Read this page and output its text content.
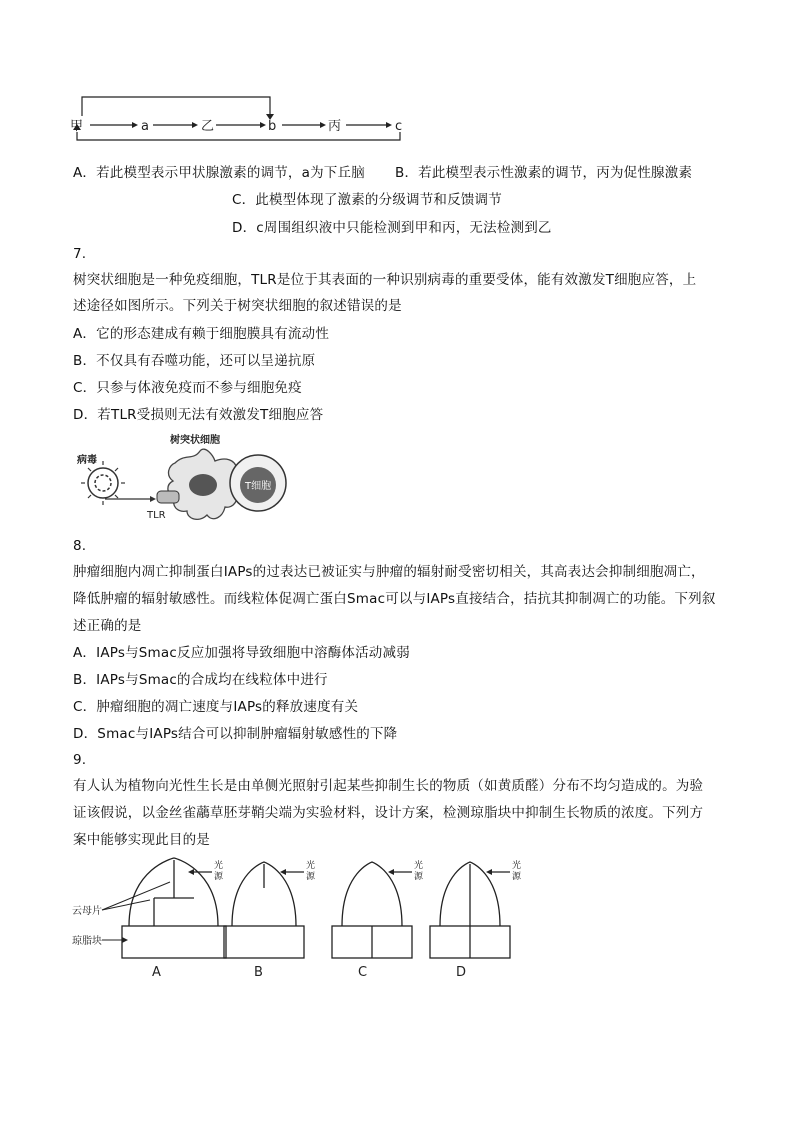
甲	a	乙	b	丙	c
A．若此模型表示甲状腺激素的调节，a为下丘脑 B．若此模型表示性激素的调节，丙为促性腺激素
C．此模型体现了激素的分级调节和反馈调节
D．c周围组织液中只能检测到甲和丙，无法检测到乙
7.
树突状细胞是一种免疫细胞，TLR是位于其表面的一种识别病毒的重要受体，能有效激发T细胞应答，上
述途径如图所示。下列关于树突状细胞的叙述错误的是
A．它的形态建成有赖于细胞膜具有流动性
B．不仅具有吞噬功能，还可以呈递抗原
C．只参与体液免疫而不参与细胞免疫
D．若TLR受损则无法有效激发T细胞应答
病毒
TLR
T细胞
树突状细胞
8.
肿瘤细胞内凋亡抑制蛋白IAPs的过表达已被证实与肿瘤的辐射耐受密切相关，其高表达会抑制细胞凋亡，
降低肿瘤的辐射敏感性。而线粒体促凋亡蛋白Smac可以与IAPs直接结合，拮抗其抑制凋亡的功能。下列叙
述正确的是
A．IAPs与Smac反应加强将导致细胞中溶酶体活动减弱
B．IAPs与Smac的合成均在线粒体中进行
C．肿瘤细胞的凋亡速度与IAPs的释放速度有关
D．Smac与IAPs结合可以抑制肿瘤辐射敏感性的下降
9.
有人认为植物向光性生长是由单侧光照射引起某些抑制生长的物质（如黄质醛）分布不均匀造成的。为验
证该假说，以金丝雀虉草胚芽鞘尖端为实验材料，设计方案，检测琼脂块中抑制生长物质的浓度。下列方
案中能够实现此目的是
光
源
光
源
光
源
光
源
云母片
琼脂块
A	B	C	D
